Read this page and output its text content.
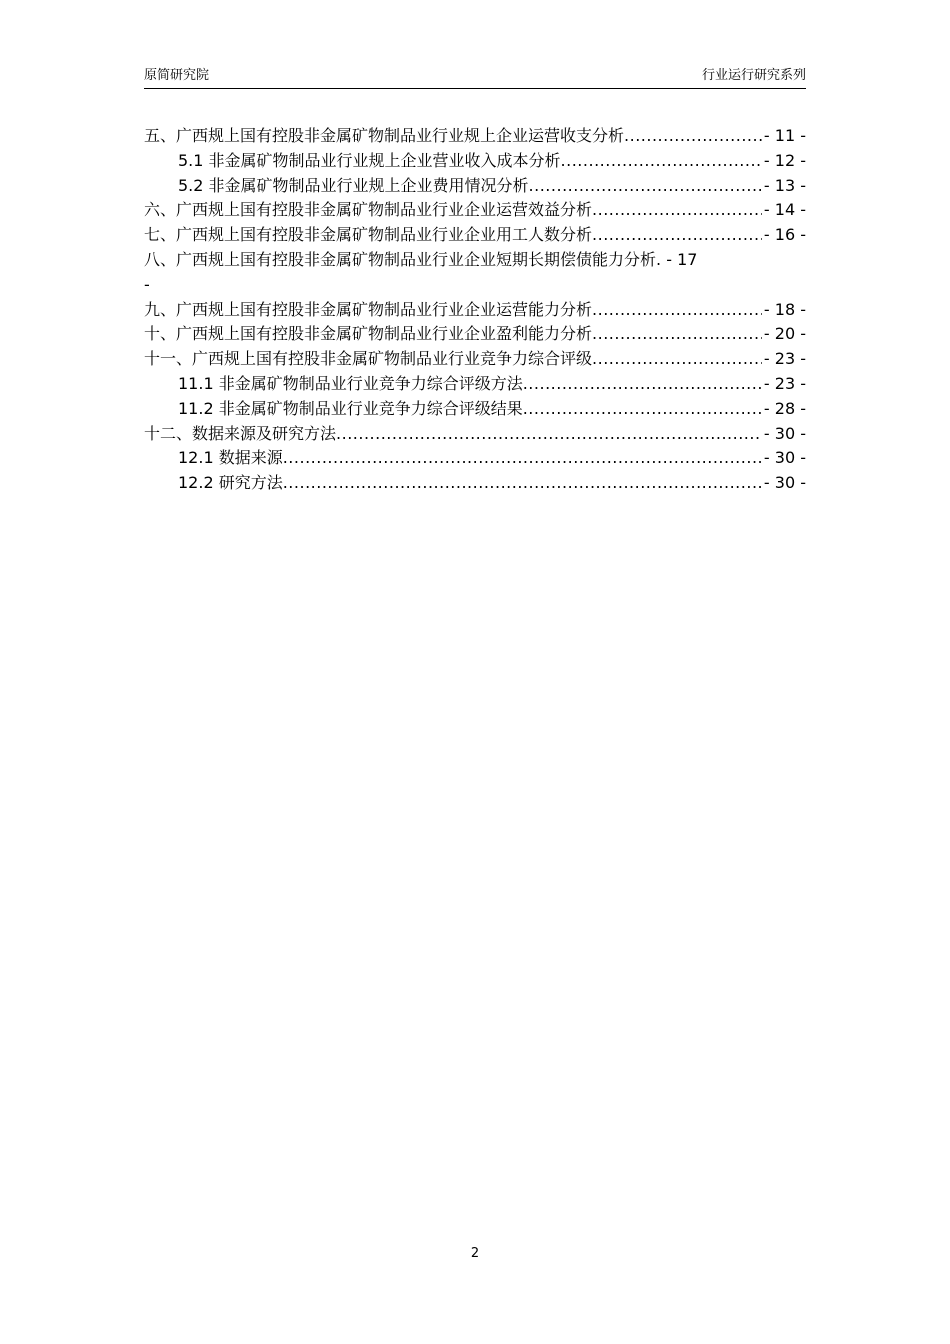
原简研究院	行业运行研究系列
五、广西规上国有控股非金属矿物制品业行业规上企业运营收支分析 .....	- 11 -
5.1 非金属矿物制品业行业规上企业营业收入成本分析 .....	- 12 -
5.2 非金属矿物制品业行业规上企业费用情况分析 .....	- 13 -
六、广西规上国有控股非金属矿物制品业行业企业运营效益分析 .....	- 14 -
七、广西规上国有控股非金属矿物制品业行业企业用工人数分析 .....	- 16 -
八、广西规上国有控股非金属矿物制品业行业企业短期长期偿债能力分析. - 17
-
九、广西规上国有控股非金属矿物制品业行业企业运营能力分析 .....	- 18 -
十、广西规上国有控股非金属矿物制品业行业企业盈利能力分析 .....	- 20 -
十一、广西规上国有控股非金属矿物制品业行业竞争力综合评级 .....	- 23 -
11.1 非金属矿物制品业行业竞争力综合评级方法 .....	- 23 -
11.2 非金属矿物制品业行业竞争力综合评级结果 .....	- 28 -
十二、数据来源及研究方法 .....	- 30 -
12.1 数据来源 .....	- 30 -
12.2 研究方法 .....	- 30 -
2
